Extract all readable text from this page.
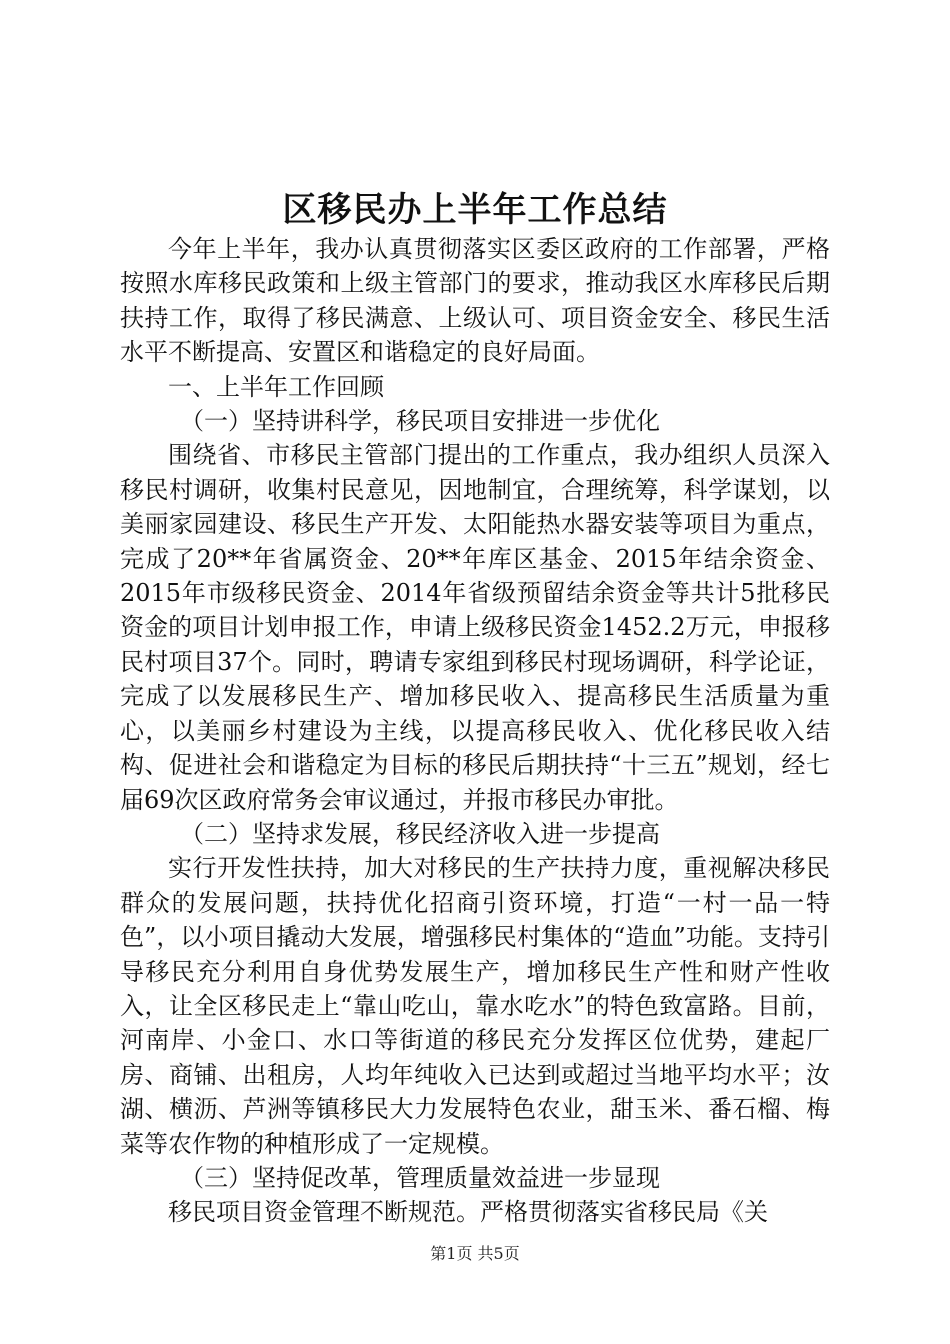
区移民办上半年工作总结

今年上半年，我办认真贯彻落实区委区政府的工作部署，严格按照水库移民政策和上级主管部门的要求，推动我区水库移民后期扶持工作，取得了移民满意、上级认可、项目资金安全、移民生活水平不断提高、安置区和谐稳定的良好局面。

一、上半年工作回顾

（一）坚持讲科学，移民项目安排进一步优化

围绕省、市移民主管部门提出的工作重点，我办组织人员深入移民村调研，收集村民意见，因地制宜，合理统筹，科学谋划，以美丽家园建设、移民生产开发、太阳能热水器安装等项目为重点，完成了20**年省属资金、20**年库区基金、2015年结余资金、2015年市级移民资金、2014年省级预留结余资金等共计5批移民资金的项目计划申报工作，申请上级移民资金1452.2万元，申报移民村项目37个。同时，聘请专家组到移民村现场调研，科学论证，完成了以发展移民生产、增加移民收入、提高移民生活质量为重心，以美丽乡村建设为主线，以提高移民收入、优化移民收入结构、促进社会和谐稳定为目标的移民后期扶持“十三五”规划，经七届69次区政府常务会审议通过，并报市移民办审批。

（二）坚持求发展，移民经济收入进一步提高

实行开发性扶持，加大对移民的生产扶持力度，重视解决移民群众的发展问题，扶持优化招商引资环境，打造“一村一品一特色”，以小项目撬动大发展，增强移民村集体的“造血”功能。支持引导移民充分利用自身优势发展生产，增加移民生产性和财产性收入，让全区移民走上“靠山吃山，靠水吃水”的特色致富路。目前，河南岸、小金口、水口等街道的移民充分发挥区位优势，建起厂房、商铺、出租房，人均年纯收入已达到或超过当地平均水平；汝湖、横沥、芦洲等镇移民大力发展特色农业，甜玉米、番石榴、梅菜等农作物的种植形成了一定规模。

（三）坚持促改革，管理质量效益进一步显现

移民项目资金管理不断规范。严格贯彻落实省移民局《关

第1页 共5页
